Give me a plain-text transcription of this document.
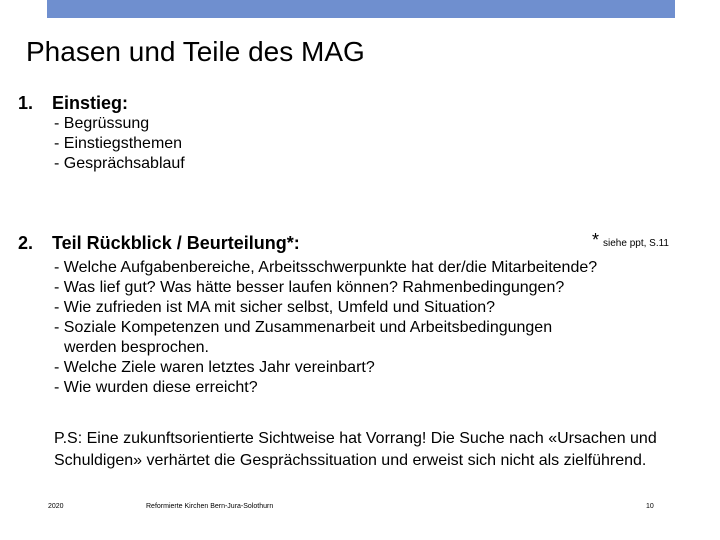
Phasen und Teile des MAG
1. Einstieg:
- Begrüssung
- Einstiegsthemen
- Gesprächsablauf
2. Teil Rückblick / Beurteilung*:	* siehe ppt, S.11
- Welche Aufgabenbereiche, Arbeitsschwerpunkte hat der/die Mitarbeitende?
- Was lief gut? Was hätte besser laufen können? Rahmenbedingungen?
- Wie zufrieden ist MA mit sicher selbst, Umfeld und Situation?
- Soziale Kompetenzen und Zusammenarbeit und Arbeitsbedingungen
werden besprochen.
- Welche Ziele waren letztes Jahr vereinbart?
- Wie wurden diese erreicht?
P.S: Eine zukunftsorientierte Sichtweise hat Vorrang! Die Suche nach «Ursachen und Schuldigen» verhärtet die Gesprächssituation und erweist sich nicht als zielführend.
2020	Reformierte Kirchen Bern-Jura-Solothurn	10
